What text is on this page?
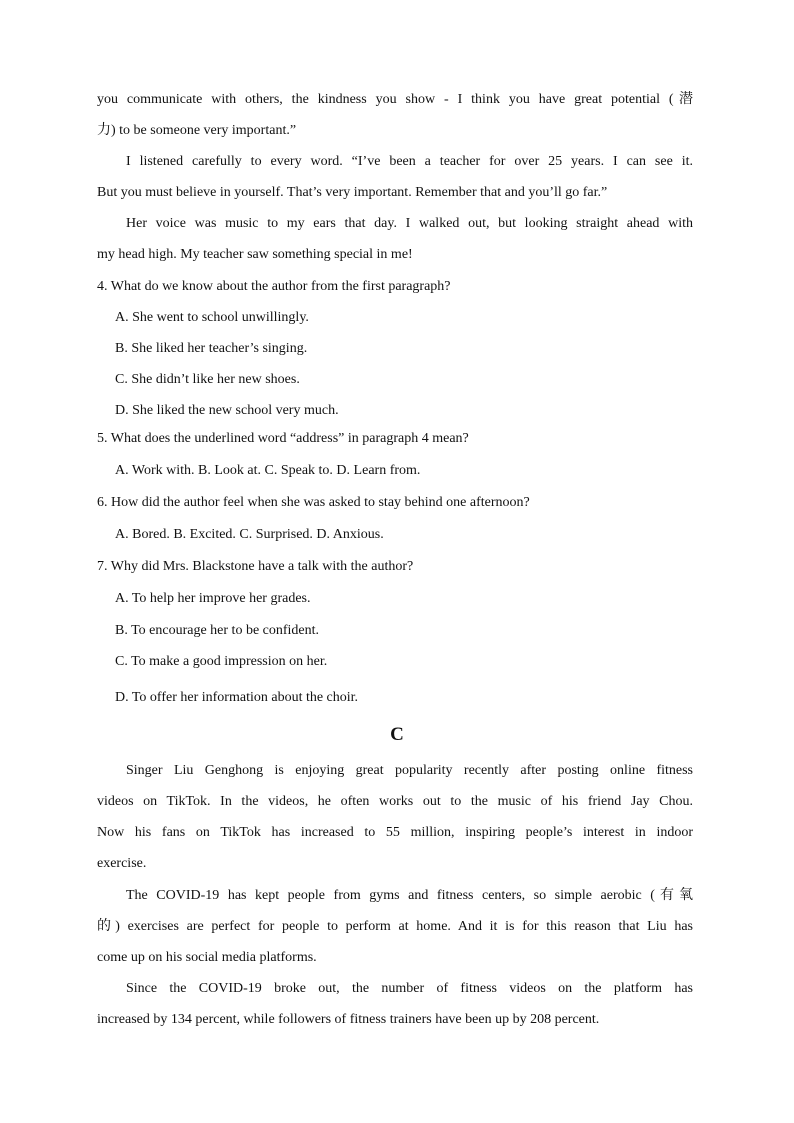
you communicate with others, the kindness you show - I think you have great potential (潜
力) to be someone very important.”
I listened carefully to every word. “I’ve been a teacher for over 25 years. I can see it.
But you must believe in yourself. That’s very important. Remember that and you’ll go far.”
Her voice was music to my ears that day. I walked out, but looking straight ahead with
my head high. My teacher saw something special in me!
4. What do we know about the author from the first paragraph?
A. She went to school unwillingly.
B. She liked her teacher’s singing.
C. She didn’t like her new shoes.
D. She liked the new school very much.
5. What does the underlined word “address” in paragraph 4 mean?
A. Work with. B. Look at. C. Speak to. D. Learn from.
6. How did the author feel when she was asked to stay behind one afternoon?
A. Bored. B. Excited. C. Surprised. D. Anxious.
7. Why did Mrs. Blackstone have a talk with the author?
A. To help her improve her grades.
B. To encourage her to be confident.
C. To make a good impression on her.
D. To offer her information about the choir.
C
Singer Liu Genghong is enjoying great popularity recently after posting online fitness
videos on TikTok. In the videos, he often works out to the music of his friend Jay Chou.
Now his fans on TikTok has increased to 55 million, inspiring people’s interest in indoor
exercise.
The COVID-19 has kept people from gyms and fitness centers, so simple aerobic (有氧
的) exercises are perfect for people to perform at home. And it is for this reason that Liu has
come up on his social media platforms.
Since the COVID-19 broke out, the number of fitness videos on the platform has
increased by 134 percent, while followers of fitness trainers have been up by 208 percent.
